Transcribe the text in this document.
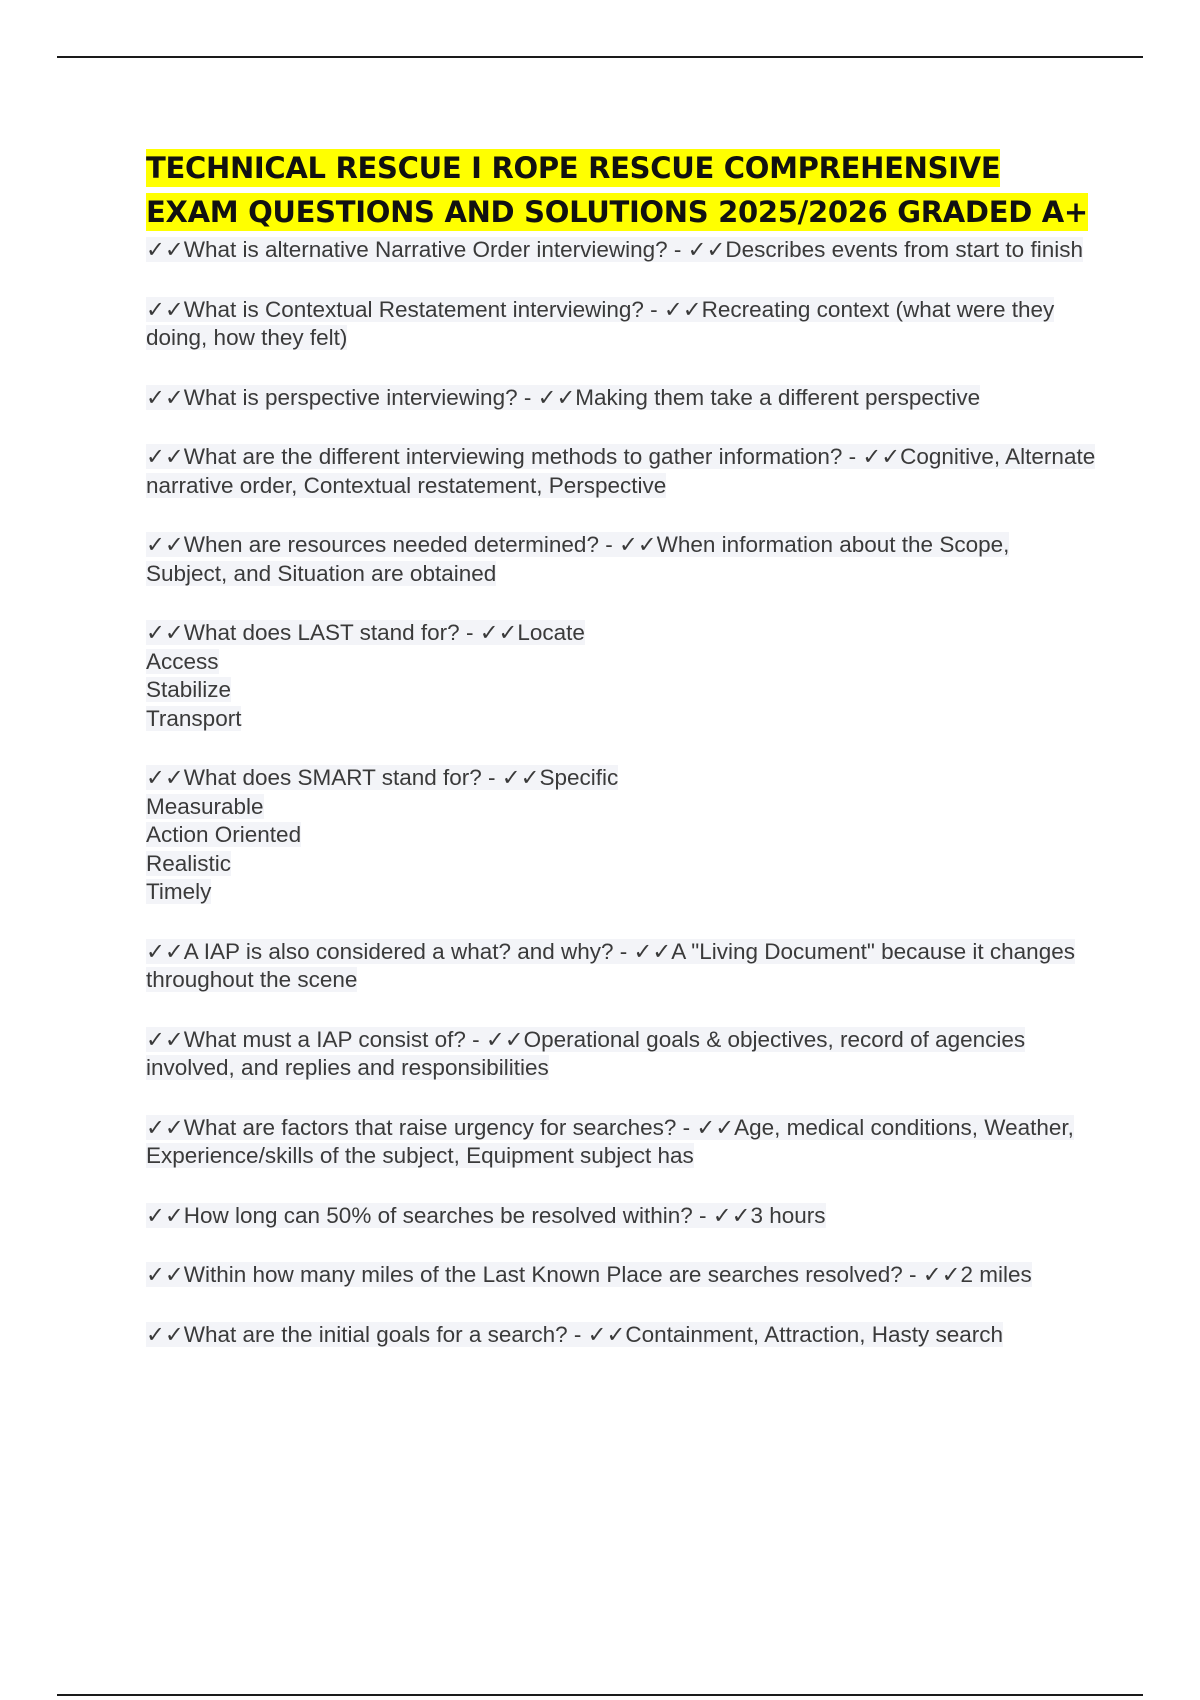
TECHNICAL RESCUE I ROPE RESCUE COMPREHENSIVE EXAM QUESTIONS AND SOLUTIONS 2025/2026 GRADED A+

✓✓What is alternative Narrative Order interviewing? - ✓✓Describes events from start to finish

✓✓What is Contextual Restatement interviewing? - ✓✓Recreating context (what were they doing, how they felt)

✓✓What is perspective interviewing? - ✓✓Making them take a different perspective

✓✓What are the different interviewing methods to gather information? - ✓✓Cognitive, Alternate narrative order, Contextual restatement, Perspective

✓✓When are resources needed determined? - ✓✓When information about the Scope, Subject, and Situation are obtained

✓✓What does LAST stand for? - ✓✓Locate
Access
Stabilize
Transport

✓✓What does SMART stand for? - ✓✓Specific
Measurable
Action Oriented
Realistic
Timely

✓✓A IAP is also considered a what? and why? - ✓✓A "Living Document" because it changes throughout the scene

✓✓What must a IAP consist of? - ✓✓Operational goals & objectives, record of agencies involved, and replies and responsibilities

✓✓What are factors that raise urgency for searches? - ✓✓Age, medical conditions, Weather, Experience/skills of the subject, Equipment subject has

✓✓How long can 50% of searches be resolved within? - ✓✓3 hours

✓✓Within how many miles of the Last Known Place are searches resolved? - ✓✓2 miles

✓✓What are the initial goals for a search? - ✓✓Containment, Attraction, Hasty search
